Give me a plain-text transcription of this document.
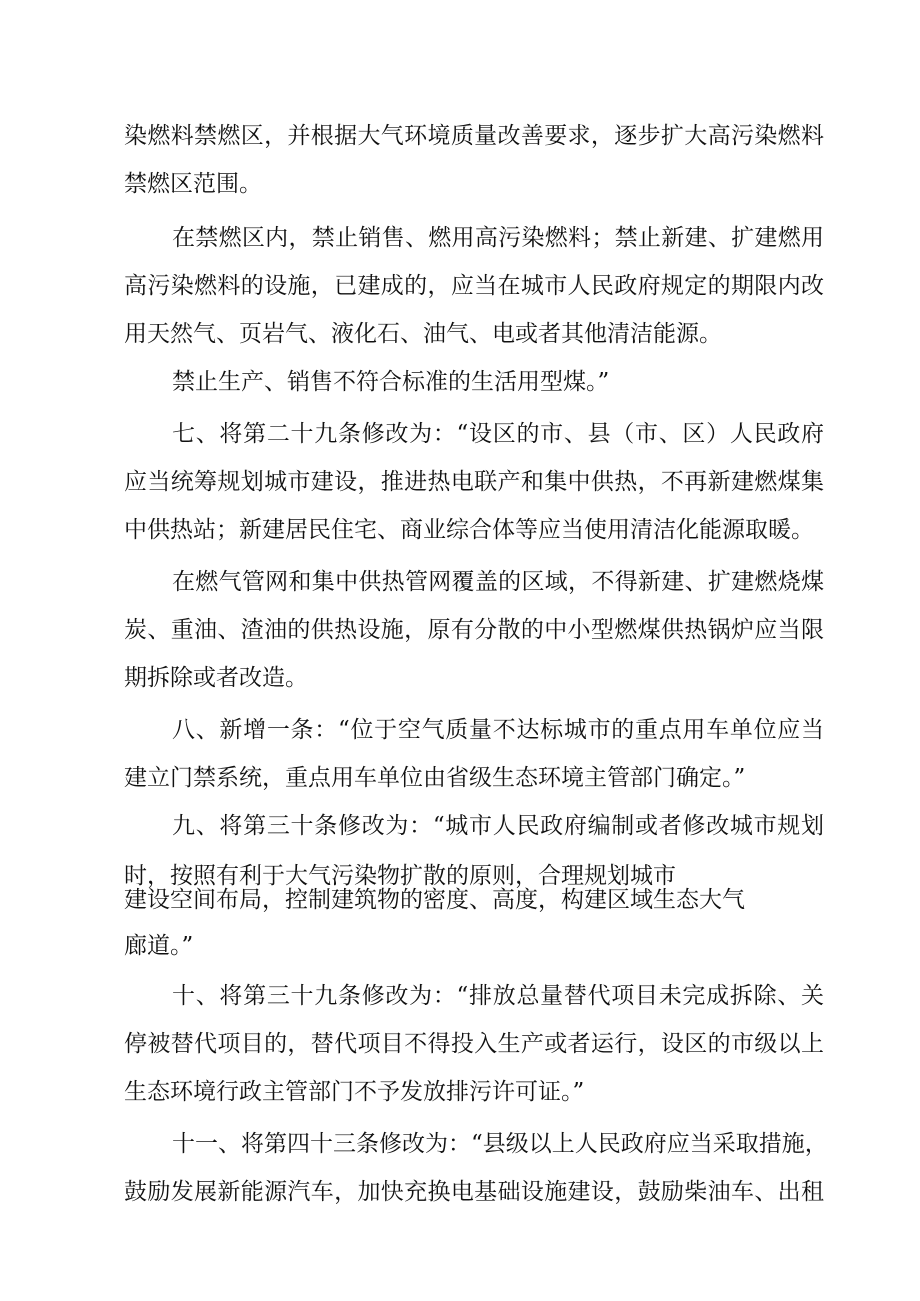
染燃料禁燃区，并根据大气环境质量改善要求，逐步扩大高污染燃料

禁燃区范围。

在禁燃区内，禁止销售、燃用高污染燃料；禁止新建、扩建燃用

高污染燃料的设施，已建成的，应当在城市人民政府规定的期限内改

用天然气、页岩气、液化石、油气、电或者其他清洁能源。

禁止生产、销售不符合标准的生活用型煤。”

七、将第二十九条修改为：“设区的市、县（市、区）人民政府

应当统筹规划城市建设，推进热电联产和集中供热，不再新建燃煤集

中供热站；新建居民住宅、商业综合体等应当使用清洁化能源取暖。

在燃气管网和集中供热管网覆盖的区域，不得新建、扩建燃烧煤

炭、重油、渣油的供热设施，原有分散的中小型燃煤供热锅炉应当限

期拆除或者改造。

八、新增一条：“位于空气质量不达标城市的重点用车单位应当

建立门禁系统，重点用车单位由省级生态环境主管部门确定。”

九、将第三十条修改为：“城市人民政府编制或者修改城市规划

时，按照有利于大气污染物扩散的原则，合理规划城市

建设空间布局，控制建筑物的密度、高度，构建区域生态大气

廊道。”

十、将第三十九条修改为：“排放总量替代项目未完成拆除、关

停被替代项目的，替代项目不得投入生产或者运行，设区的市级以上

生态环境行政主管部门不予发放排污许可证。”

十一、将第四十三条修改为：“县级以上人民政府应当采取措施，

鼓励发展新能源汽车，加快充换电基础设施建设，鼓励柴油车、出租
